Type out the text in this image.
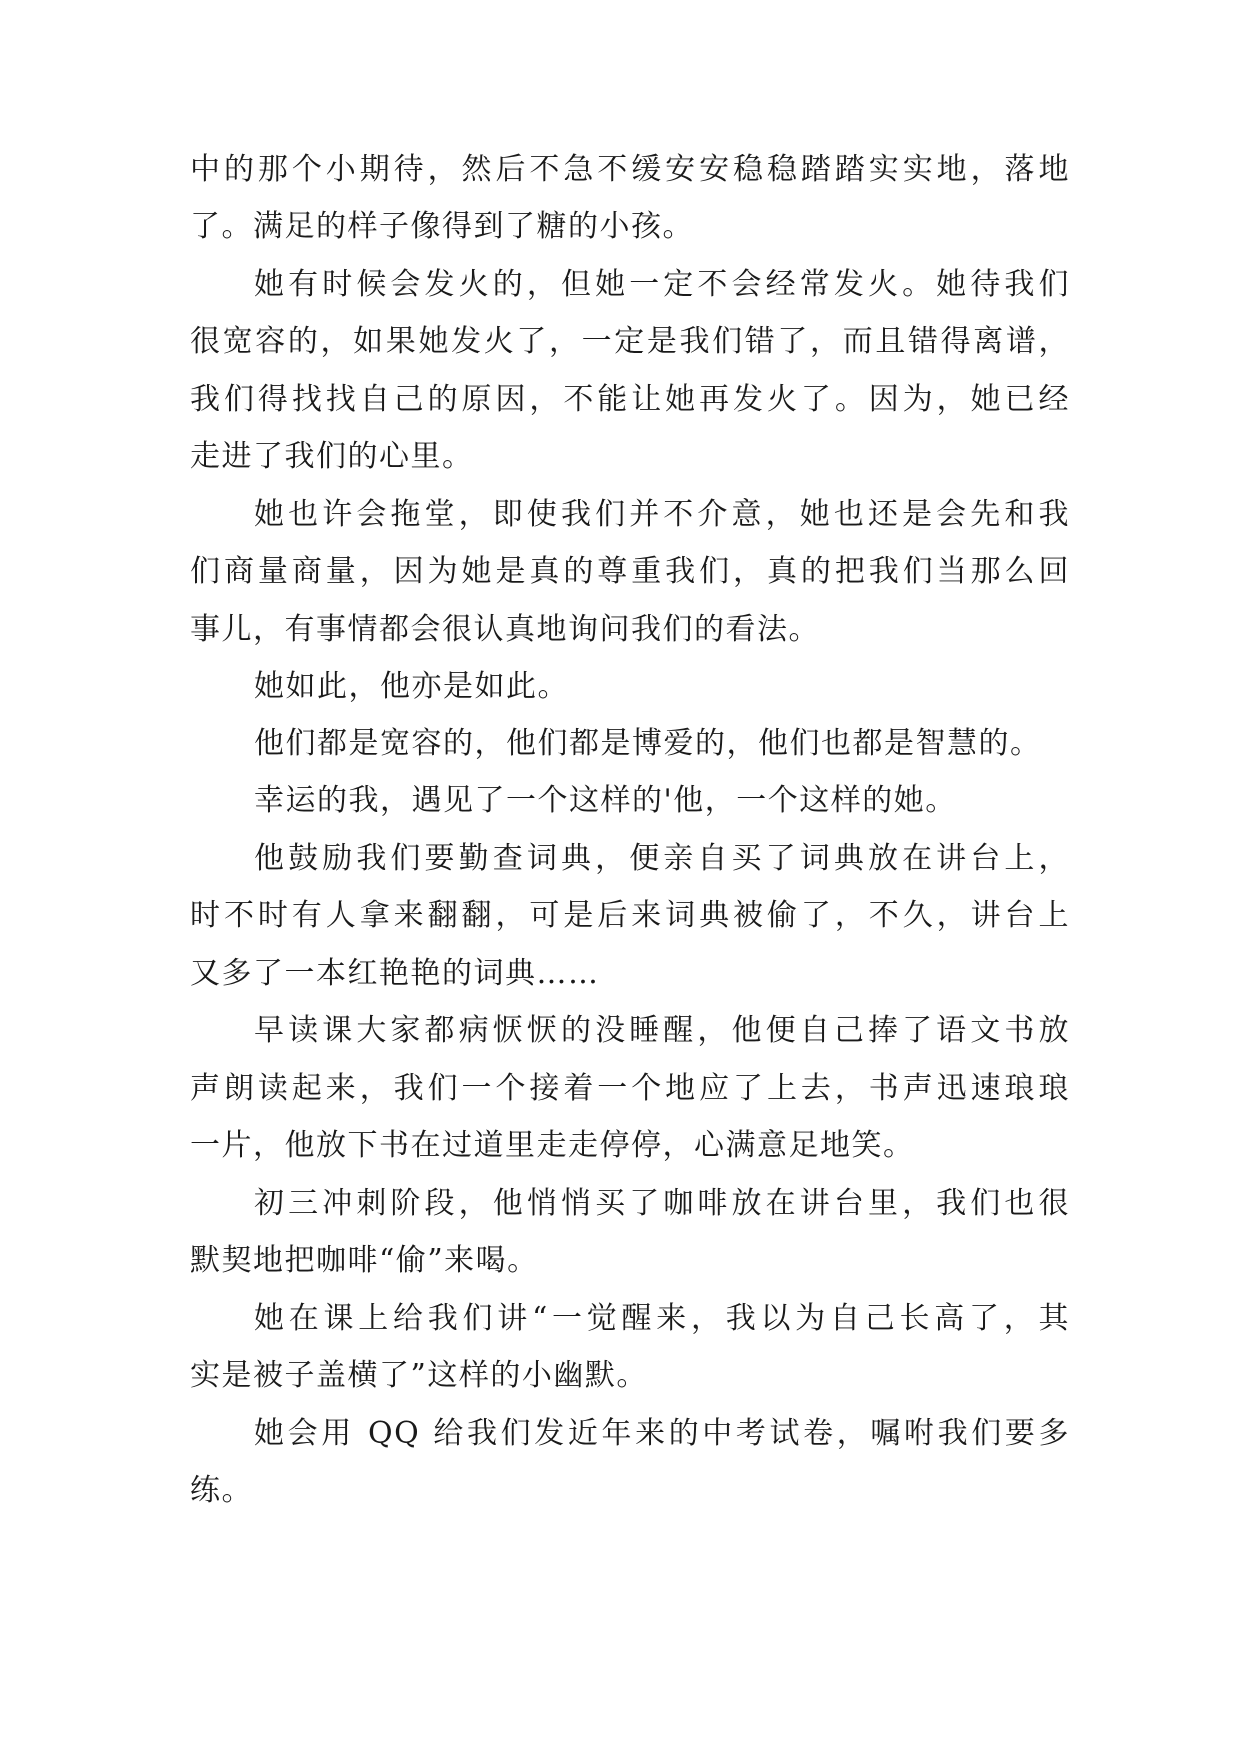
中的那个小期待，然后不急不缓安安稳稳踏踏实实地，落地
了。满足的样子像得到了糖的小孩。
她有时候会发火的，但她一定不会经常发火。她待我们
很宽容的，如果她发火了，一定是我们错了，而且错得离谱，
我们得找找自己的原因，不能让她再发火了。因为，她已经
走进了我们的心里。
她也许会拖堂，即使我们并不介意，她也还是会先和我
们商量商量，因为她是真的尊重我们，真的把我们当那么回
事儿，有事情都会很认真地询问我们的看法。
她如此，他亦是如此。
他们都是宽容的，他们都是博爱的，他们也都是智慧的。
幸运的我，遇见了一个这样的'他，一个这样的她。
他鼓励我们要勤查词典，便亲自买了词典放在讲台上，
时不时有人拿来翻翻，可是后来词典被偷了，不久，讲台上
又多了一本红艳艳的词典……
早读课大家都病恹恹的没睡醒，他便自己捧了语文书放
声朗读起来，我们一个接着一个地应了上去，书声迅速琅琅
一片，他放下书在过道里走走停停，心满意足地笑。
初三冲刺阶段，他悄悄买了咖啡放在讲台里，我们也很
默契地把咖啡“偷”来喝。
她在课上给我们讲“一觉醒来，我以为自己长高了，其
实是被子盖横了”这样的小幽默。
她会用 QQ 给我们发近年来的中考试卷，嘱咐我们要多
练。
